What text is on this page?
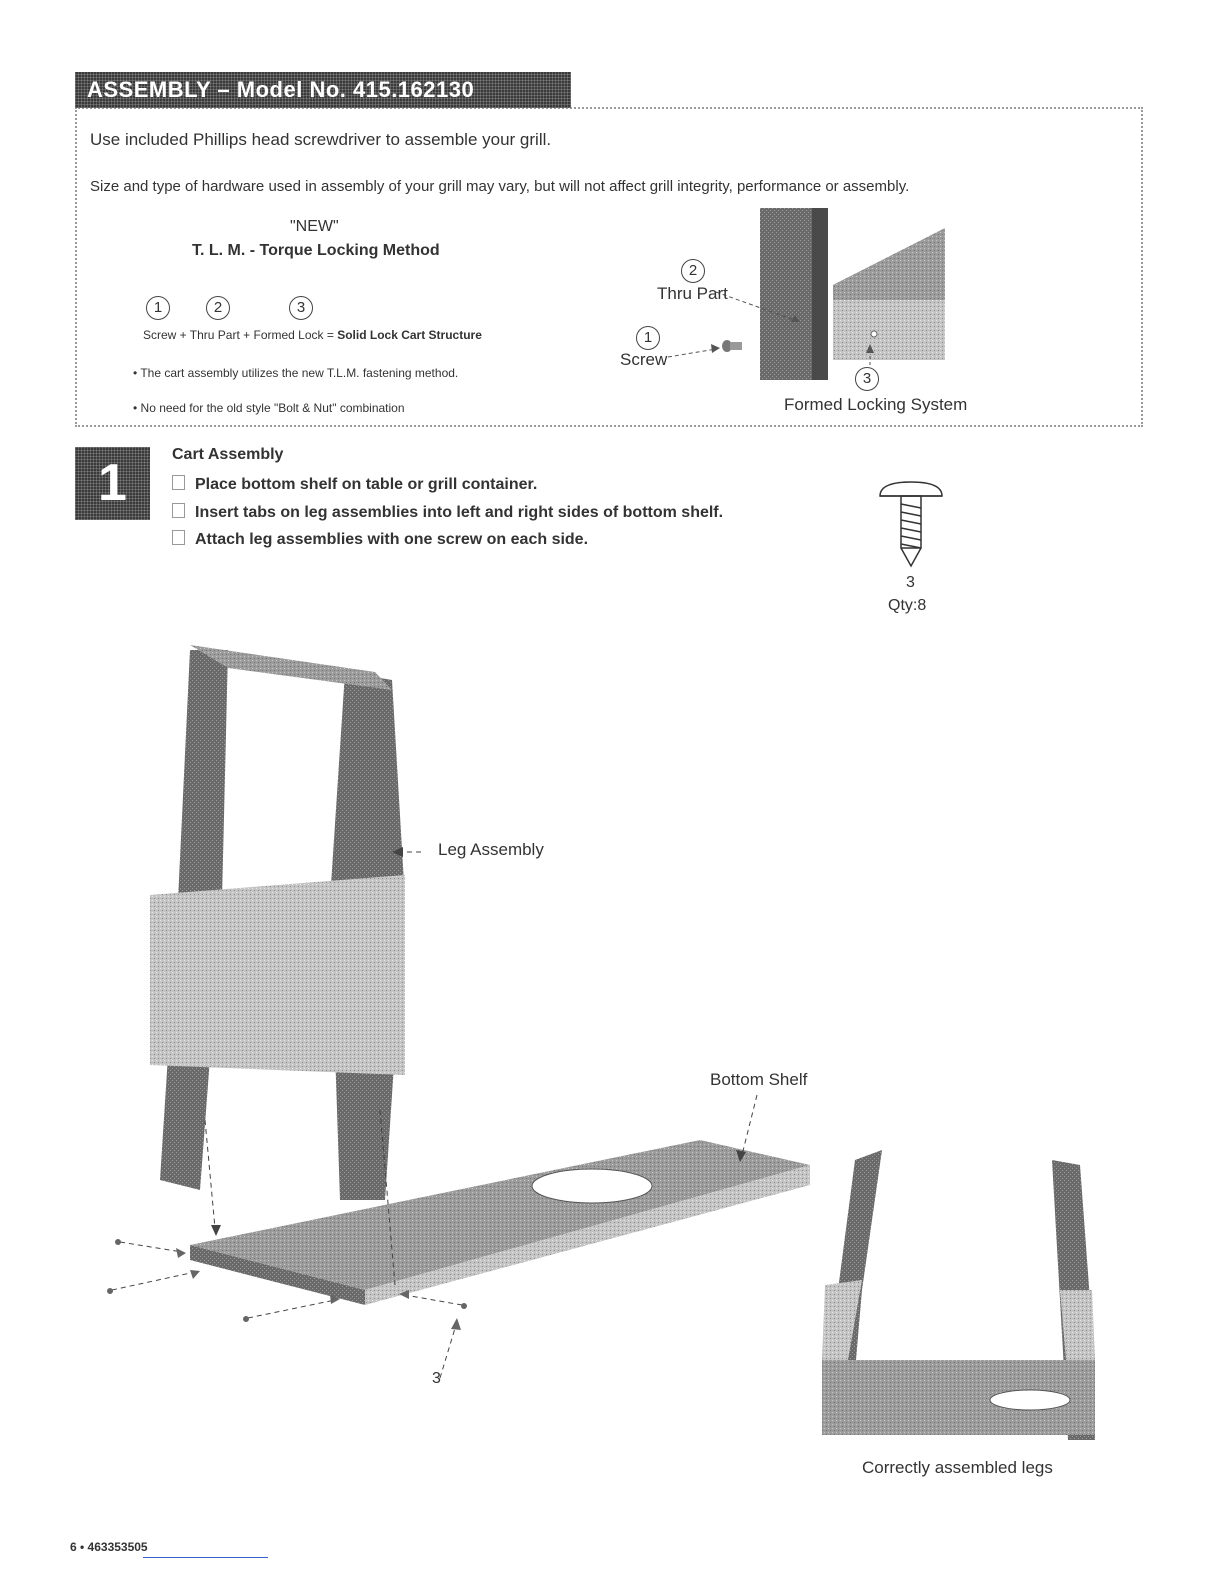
ASSEMBLY – Model No. 415.162130
Use included Phillips head screwdriver to assemble your grill.
Size and type of hardware used in assembly of your grill may vary, but will not affect grill integrity, performance or assembly.
"NEW"
T. L. M. - Torque Locking Method
1	2	3
Screw + Thru Part + Formed Lock = Solid Lock Cart Structure
• The cart assembly utilizes the new T.L.M. fastening method.
• No need for the old style "Bolt & Nut" combination
2
Thru Part
1
Screw
3
Formed Locking System
1	Cart Assembly
Place bottom shelf on table or grill container.
Insert tabs on leg assemblies into left and right sides of bottom shelf.
Attach leg assemblies with one screw on each side.
3
Qty:8
Leg Assembly
Bottom Shelf
3
Correctly assembled legs
6 • 463353505
